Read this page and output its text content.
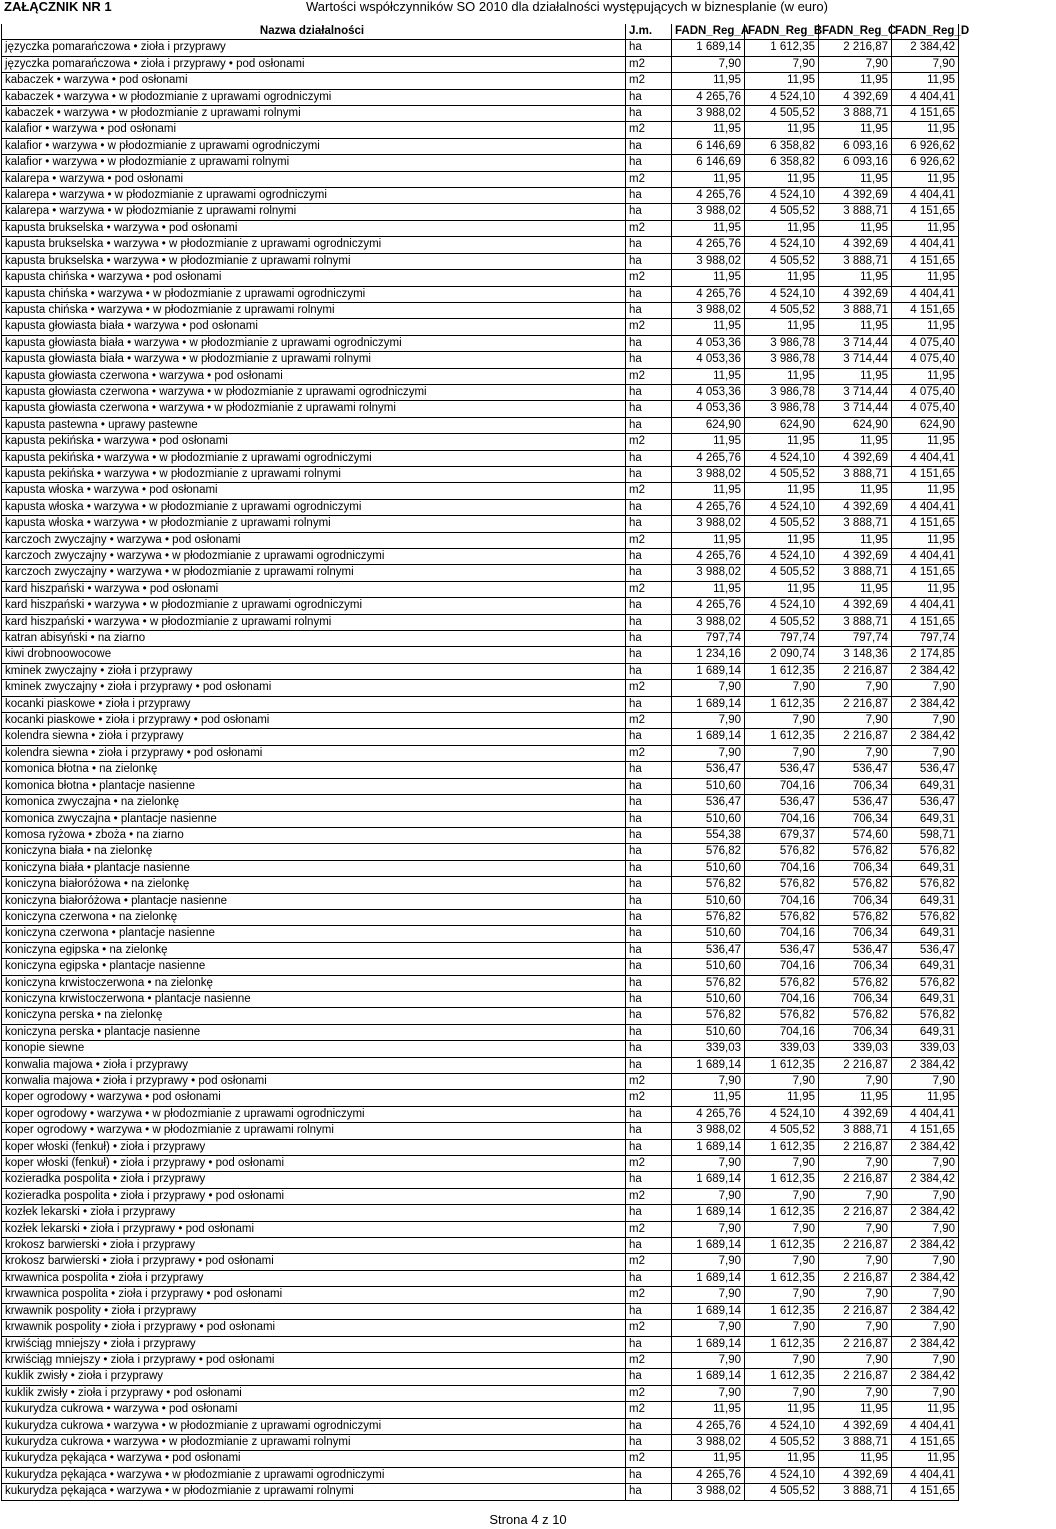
ZAŁĄCZNIK NR 1	Wartości współczynników SO 2010 dla działalności występujących w biznesplanie (w euro)
Nazwa działalności	J.m.	FADN_Reg_A	FADN_Reg_B	FADN_Reg_C	FADN_Reg_D
języczka pomarańczowa • zioła i przyprawy	ha	1 689,14	1 612,35	2 216,87	2 384,42
języczka pomarańczowa • zioła i przyprawy • pod osłonami	m2	7,90	7,90	7,90	7,90
kabaczek • warzywa • pod osłonami	m2	11,95	11,95	11,95	11,95
kabaczek • warzywa • w płodozmianie z uprawami ogrodniczymi	ha	4 265,76	4 524,10	4 392,69	4 404,41
kabaczek • warzywa • w płodozmianie z uprawami rolnymi	ha	3 988,02	4 505,52	3 888,71	4 151,65
kalafior • warzywa • pod osłonami	m2	11,95	11,95	11,95	11,95
kalafior • warzywa • w płodozmianie z uprawami ogrodniczymi	ha	6 146,69	6 358,82	6 093,16	6 926,62
kalafior • warzywa • w płodozmianie z uprawami rolnymi	ha	6 146,69	6 358,82	6 093,16	6 926,62
kalarepa • warzywa • pod osłonami	m2	11,95	11,95	11,95	11,95
kalarepa • warzywa • w płodozmianie z uprawami ogrodniczymi	ha	4 265,76	4 524,10	4 392,69	4 404,41
kalarepa • warzywa • w płodozmianie z uprawami rolnymi	ha	3 988,02	4 505,52	3 888,71	4 151,65
kapusta brukselska • warzywa • pod osłonami	m2	11,95	11,95	11,95	11,95
kapusta brukselska • warzywa • w płodozmianie z uprawami ogrodniczymi	ha	4 265,76	4 524,10	4 392,69	4 404,41
kapusta brukselska • warzywa • w płodozmianie z uprawami rolnymi	ha	3 988,02	4 505,52	3 888,71	4 151,65
kapusta chińska • warzywa • pod osłonami	m2	11,95	11,95	11,95	11,95
kapusta chińska • warzywa • w płodozmianie z uprawami ogrodniczymi	ha	4 265,76	4 524,10	4 392,69	4 404,41
kapusta chińska • warzywa • w płodozmianie z uprawami rolnymi	ha	3 988,02	4 505,52	3 888,71	4 151,65
kapusta głowiasta biała • warzywa • pod osłonami	m2	11,95	11,95	11,95	11,95
kapusta głowiasta biała • warzywa • w płodozmianie z uprawami ogrodniczymi	ha	4 053,36	3 986,78	3 714,44	4 075,40
kapusta głowiasta biała • warzywa • w płodozmianie z uprawami rolnymi	ha	4 053,36	3 986,78	3 714,44	4 075,40
kapusta głowiasta czerwona • warzywa • pod osłonami	m2	11,95	11,95	11,95	11,95
kapusta głowiasta czerwona • warzywa • w płodozmianie z uprawami ogrodniczymi	ha	4 053,36	3 986,78	3 714,44	4 075,40
kapusta głowiasta czerwona • warzywa • w płodozmianie z uprawami rolnymi	ha	4 053,36	3 986,78	3 714,44	4 075,40
kapusta pastewna • uprawy pastewne	ha	624,90	624,90	624,90	624,90
kapusta pekińska • warzywa • pod osłonami	m2	11,95	11,95	11,95	11,95
kapusta pekińska • warzywa • w płodozmianie z uprawami ogrodniczymi	ha	4 265,76	4 524,10	4 392,69	4 404,41
kapusta pekińska • warzywa • w płodozmianie z uprawami rolnymi	ha	3 988,02	4 505,52	3 888,71	4 151,65
kapusta włoska • warzywa • pod osłonami	m2	11,95	11,95	11,95	11,95
kapusta włoska • warzywa • w płodozmianie z uprawami ogrodniczymi	ha	4 265,76	4 524,10	4 392,69	4 404,41
kapusta włoska • warzywa • w płodozmianie z uprawami rolnymi	ha	3 988,02	4 505,52	3 888,71	4 151,65
karczoch zwyczajny • warzywa • pod osłonami	m2	11,95	11,95	11,95	11,95
karczoch zwyczajny • warzywa • w płodozmianie z uprawami ogrodniczymi	ha	4 265,76	4 524,10	4 392,69	4 404,41
karczoch zwyczajny • warzywa • w płodozmianie z uprawami rolnymi	ha	3 988,02	4 505,52	3 888,71	4 151,65
kard hiszpański • warzywa • pod osłonami	m2	11,95	11,95	11,95	11,95
kard hiszpański • warzywa • w płodozmianie z uprawami ogrodniczymi	ha	4 265,76	4 524,10	4 392,69	4 404,41
kard hiszpański • warzywa • w płodozmianie z uprawami rolnymi	ha	3 988,02	4 505,52	3 888,71	4 151,65
katran abisyński • na ziarno	ha	797,74	797,74	797,74	797,74
kiwi drobnoowocowe	ha	1 234,16	2 090,74	3 148,36	2 174,85
kminek zwyczajny • zioła i przyprawy	ha	1 689,14	1 612,35	2 216,87	2 384,42
kminek zwyczajny • zioła i przyprawy • pod osłonami	m2	7,90	7,90	7,90	7,90
kocanki piaskowe • zioła i przyprawy	ha	1 689,14	1 612,35	2 216,87	2 384,42
kocanki piaskowe • zioła i przyprawy • pod osłonami	m2	7,90	7,90	7,90	7,90
kolendra siewna • zioła i przyprawy	ha	1 689,14	1 612,35	2 216,87	2 384,42
kolendra siewna • zioła i przyprawy • pod osłonami	m2	7,90	7,90	7,90	7,90
komonica błotna • na zielonkę	ha	536,47	536,47	536,47	536,47
komonica błotna • plantacje nasienne	ha	510,60	704,16	706,34	649,31
komonica zwyczajna • na zielonkę	ha	536,47	536,47	536,47	536,47
komonica zwyczajna • plantacje nasienne	ha	510,60	704,16	706,34	649,31
komosa ryżowa • zboża • na ziarno	ha	554,38	679,37	574,60	598,71
koniczyna biała • na zielonkę	ha	576,82	576,82	576,82	576,82
koniczyna biała • plantacje nasienne	ha	510,60	704,16	706,34	649,31
koniczyna białoróżowa • na zielonkę	ha	576,82	576,82	576,82	576,82
koniczyna białoróżowa • plantacje nasienne	ha	510,60	704,16	706,34	649,31
koniczyna czerwona • na zielonkę	ha	576,82	576,82	576,82	576,82
koniczyna czerwona • plantacje nasienne	ha	510,60	704,16	706,34	649,31
koniczyna egipska • na zielonkę	ha	536,47	536,47	536,47	536,47
koniczyna egipska • plantacje nasienne	ha	510,60	704,16	706,34	649,31
koniczyna krwistoczerwona • na zielonkę	ha	576,82	576,82	576,82	576,82
koniczyna krwistoczerwona • plantacje nasienne	ha	510,60	704,16	706,34	649,31
koniczyna perska • na zielonkę	ha	576,82	576,82	576,82	576,82
koniczyna perska • plantacje nasienne	ha	510,60	704,16	706,34	649,31
konopie siewne	ha	339,03	339,03	339,03	339,03
konwalia majowa • zioła i przyprawy	ha	1 689,14	1 612,35	2 216,87	2 384,42
konwalia majowa • zioła i przyprawy • pod osłonami	m2	7,90	7,90	7,90	7,90
koper ogrodowy • warzywa • pod osłonami	m2	11,95	11,95	11,95	11,95
koper ogrodowy • warzywa • w płodozmianie z uprawami ogrodniczymi	ha	4 265,76	4 524,10	4 392,69	4 404,41
koper ogrodowy • warzywa • w płodozmianie z uprawami rolnymi	ha	3 988,02	4 505,52	3 888,71	4 151,65
koper włoski (fenkuł) • zioła i przyprawy	ha	1 689,14	1 612,35	2 216,87	2 384,42
koper włoski (fenkuł) • zioła i przyprawy • pod osłonami	m2	7,90	7,90	7,90	7,90
kozieradka pospolita • zioła i przyprawy	ha	1 689,14	1 612,35	2 216,87	2 384,42
kozieradka pospolita • zioła i przyprawy • pod osłonami	m2	7,90	7,90	7,90	7,90
kozłek lekarski • zioła i przyprawy	ha	1 689,14	1 612,35	2 216,87	2 384,42
kozłek lekarski • zioła i przyprawy • pod osłonami	m2	7,90	7,90	7,90	7,90
krokosz barwierski • zioła i przyprawy	ha	1 689,14	1 612,35	2 216,87	2 384,42
krokosz barwierski • zioła i przyprawy • pod osłonami	m2	7,90	7,90	7,90	7,90
krwawnica pospolita • zioła i przyprawy	ha	1 689,14	1 612,35	2 216,87	2 384,42
krwawnica pospolita • zioła i przyprawy • pod osłonami	m2	7,90	7,90	7,90	7,90
krwawnik pospolity • zioła i przyprawy	ha	1 689,14	1 612,35	2 216,87	2 384,42
krwawnik pospolity • zioła i przyprawy • pod osłonami	m2	7,90	7,90	7,90	7,90
krwiściąg mniejszy • zioła i przyprawy	ha	1 689,14	1 612,35	2 216,87	2 384,42
krwiściąg mniejszy • zioła i przyprawy • pod osłonami	m2	7,90	7,90	7,90	7,90
kuklik zwisły • zioła i przyprawy	ha	1 689,14	1 612,35	2 216,87	2 384,42
kuklik zwisły • zioła i przyprawy • pod osłonami	m2	7,90	7,90	7,90	7,90
kukurydza cukrowa • warzywa • pod osłonami	m2	11,95	11,95	11,95	11,95
kukurydza cukrowa • warzywa • w płodozmianie z uprawami ogrodniczymi	ha	4 265,76	4 524,10	4 392,69	4 404,41
kukurydza cukrowa • warzywa • w płodozmianie z uprawami rolnymi	ha	3 988,02	4 505,52	3 888,71	4 151,65
kukurydza pękająca • warzywa • pod osłonami	m2	11,95	11,95	11,95	11,95
kukurydza pękająca • warzywa • w płodozmianie z uprawami ogrodniczymi	ha	4 265,76	4 524,10	4 392,69	4 404,41
kukurydza pękająca • warzywa • w płodozmianie z uprawami rolnymi	ha	3 988,02	4 505,52	3 888,71	4 151,65
Strona 4 z 10
